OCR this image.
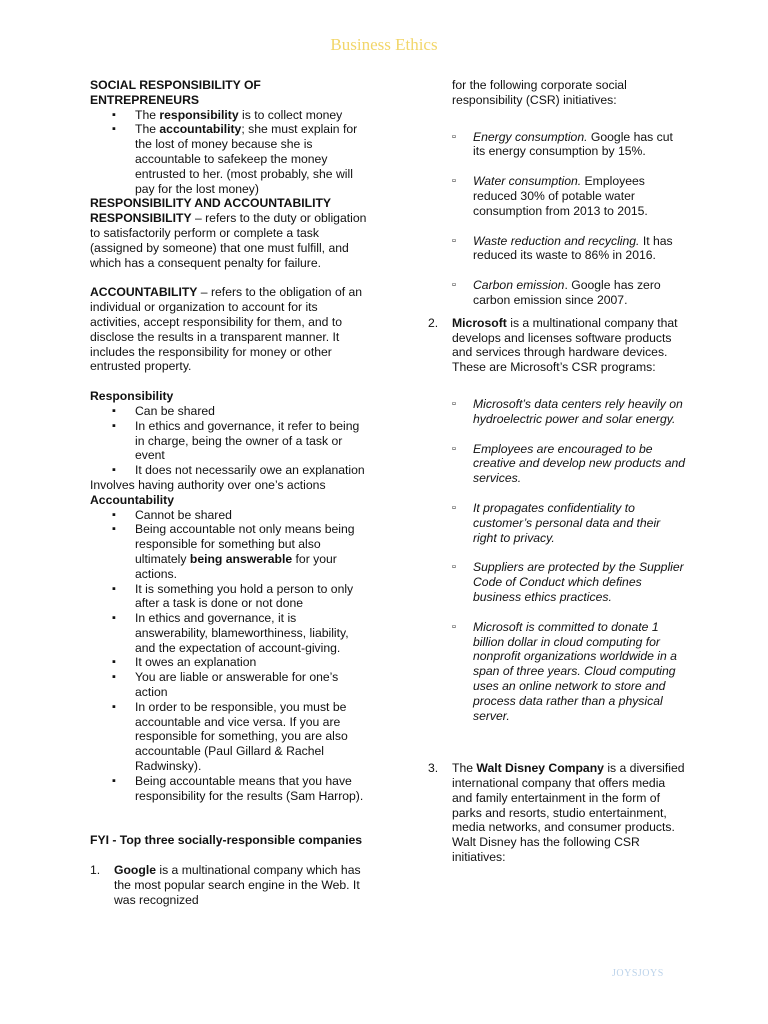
Business Ethics

SOCIAL RESPONSIBILITY OF ENTREPRENEURS

▪ The responsibility is to collect money
▪ The accountability; she must explain for the lost of money because she is accountable to safekeep the money entrusted to her. (most probably, she will pay for the lost money)

RESPONSIBILITY AND ACCOUNTABILITY

RESPONSIBILITY – refers to the duty or obligation to satisfactorily perform or complete a task (assigned by someone) that one must fulfill, and which has a consequent penalty for failure.

ACCOUNTABILITY – refers to the obligation of an individual or organization to account for its activities, accept responsibility for them, and to disclose the results in a transparent manner. It includes the responsibility for money or other entrusted property.

Responsibility

▪ Can be shared
▪ In ethics and governance, it refer to being in charge, being the owner of a task or event
▪ It does not necessarily owe an explanation

Involves having authority over one’s actions

Accountability

▪ Cannot be shared
▪ Being accountable not only means being responsible for something but also ultimately being answerable for your actions.
▪ It is something you hold a person to only after a task is done or not done
▪ In ethics and governance, it is answerability, blameworthiness, liability, and the expectation of account-giving.
▪ It owes an explanation
▪ You are liable or answerable for one’s action
▪ In order to be responsible, you must be accountable and vice versa. If you are responsible for something, you are also accountable (Paul Gillard & Rachel Radwinsky).
▪ Being accountable means that you have responsibility for the results (Sam Harrop).

FYI - Top three socially-responsible companies

1. Google is a multinational company which has the most popular search engine in the Web. It was recognized

for the following corporate social responsibility (CSR) initiatives:

▫ Energy consumption. Google has cut its energy consumption by 15%.
▫ Water consumption. Employees reduced 30% of potable water consumption from 2013 to 2015.
▫ Waste reduction and recycling. It has reduced its waste to 86% in 2016.
▫ Carbon emission. Google has zero carbon emission since 2007.
2. Microsoft is a multinational company that develops and licenses software products and services through hardware devices. These are Microsoft’s CSR programs:
▫ Microsoft’s data centers rely heavily on hydroelectric power and solar energy.
▫ Employees are encouraged to be creative and develop new products and services.
▫ It propagates confidentiality to customer’s personal data and their right to privacy.
▫ Suppliers are protected by the Supplier Code of Conduct which defines business ethics practices.
▫ Microsoft is committed to donate 1 billion dollar in cloud computing for nonprofit organizations worldwide in a span of three years. Cloud computing uses an online network to store and process data rather than a physical server.
3. The Walt Disney Company is a diversified international company that offers media and family entertainment in the form of parks and resorts, studio entertainment, media networks, and consumer products. Walt Disney has the following CSR initiatives:
JOYSJOYS
